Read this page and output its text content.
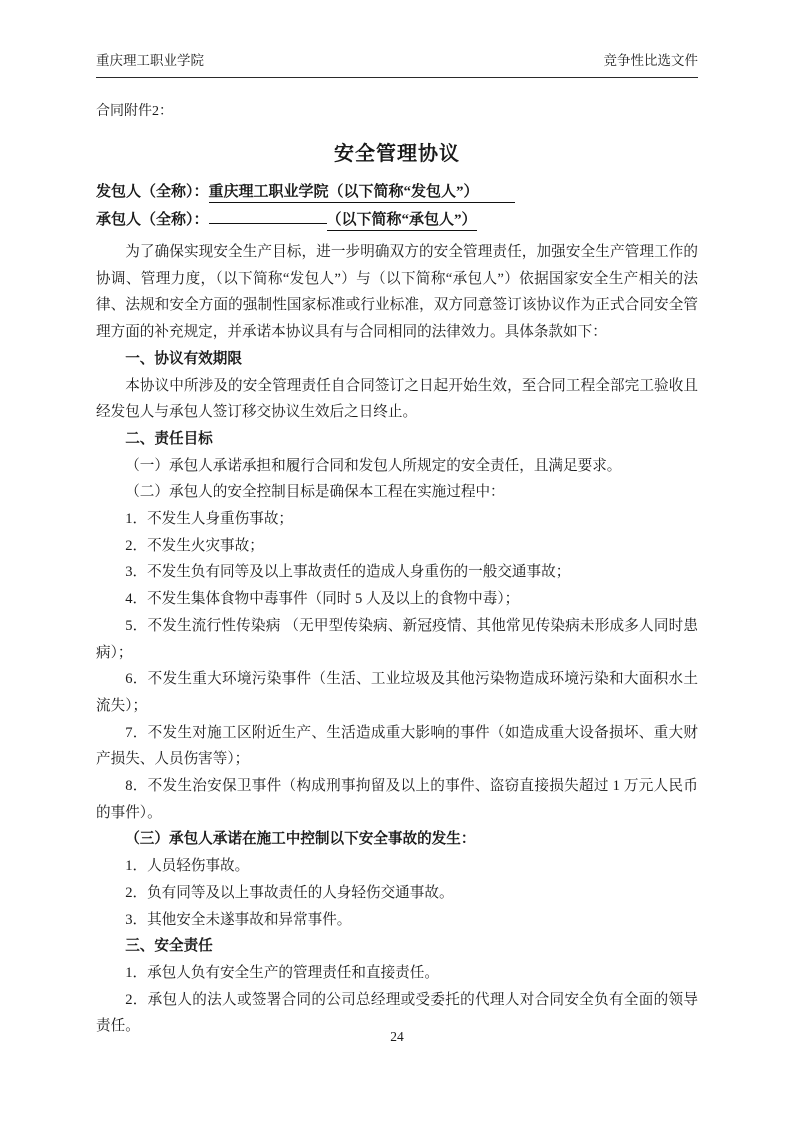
重庆理工职业学院	竞争性比选文件
合同附件2：
安全管理协议
发包人（全称）：重庆理工职业学院（以下简称“发包人”）
承包人（全称）：	（以下简称“承包人”）

为了确保实现安全生产目标，进一步明确双方的安全管理责任，加强安全生产管理工作的协调、管理力度，（以下简称“发包人”）与（以下简称“承包人”）依据国家安全生产相关的法律、法规和安全方面的强制性国家标准或行业标准，双方同意签订该协议作为正式合同安全管理方面的补充规定，并承诺本协议具有与合同相同的法律效力。具体条款如下：

一、协议有效期限

本协议中所涉及的安全管理责任自合同签订之日起开始生效，至合同工程全部完工验收且经发包人与承包人签订移交协议生效后之日终止。

二、责任目标

（一）承包人承诺承担和履行合同和发包人所规定的安全责任，且满足要求。

（二）承包人的安全控制目标是确保本工程在实施过程中：

1．不发生人身重伤事故；

2．不发生火灾事故；

3．不发生负有同等及以上事故责任的造成人身重伤的一般交通事故；

4．不发生集体食物中毒事件（同时 5 人及以上的食物中毒）；

5．不发生流行性传染病 （无甲型传染病、新冠疫情、其他常见传染病未形成多人同时患病）；

6．不发生重大环境污染事件（生活、工业垃圾及其他污染物造成环境污染和大面积水土流失）；

7．不发生对施工区附近生产、生活造成重大影响的事件（如造成重大设备损坏、重大财产损失、人员伤害等）；

8．不发生治安保卫事件（构成刑事拘留及以上的事件、盗窃直接损失超过 1 万元人民币的事件）。

（三）承包人承诺在施工中控制以下安全事故的发生：

1．人员轻伤事故。

2．负有同等及以上事故责任的人身轻伤交通事故。

3．其他安全未遂事故和异常事件。

三、安全责任

1．承包人负有安全生产的管理责任和直接责任。

2．承包人的法人或签署合同的公司总经理或受委托的代理人对合同安全负有全面的领导责任。

24
